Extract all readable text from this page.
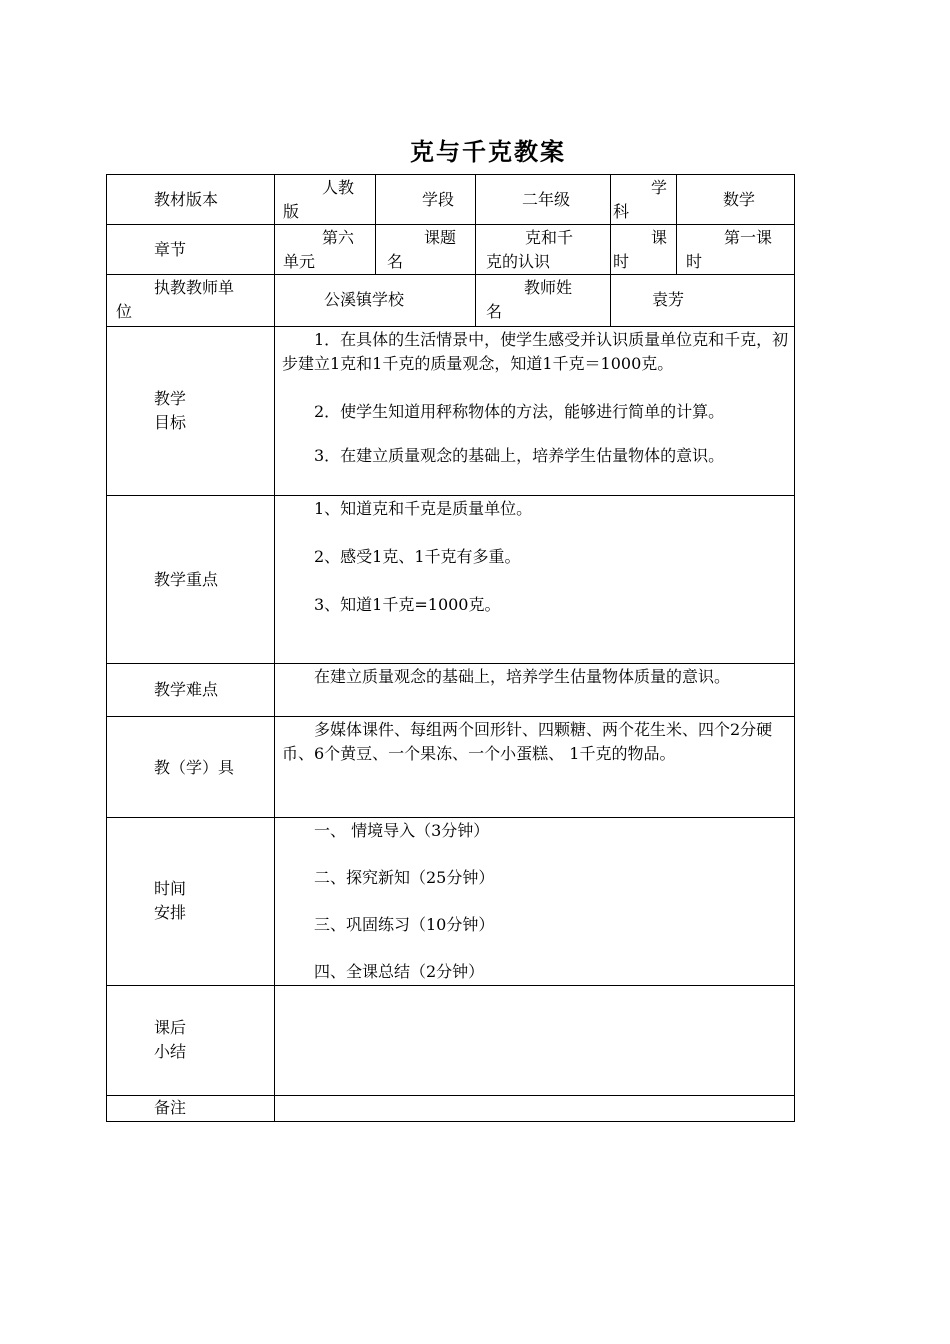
克与千克教案
教材版本
人教
版
学段	二年级
学
科
数学
章节
第六
单元
课题
名
克和千
克的认识
课
时
第一课
时
执教教师单
位
公溪镇学校
教师姓
名
袁芳
教学
目标

1．在具体的生活情景中，使学生感受并认识质量单位克和千克，初步建立1克和1千克的质量观念，知道1千克＝1000克。

2．使学生知道用秤称物体的方法，能够进行简单的计算。

3．在建立质量观念的基础上，培养学生估量物体的意识。

教学重点

1、知道克和千克是质量单位。

2、感受1克、1千克有多重。

3、知道1千克=1000克。

教学难点
在建立质量观念的基础上，培养学生估量物体质量的意识。
教（学）具
多媒体课件、每组两个回形针、四颗糖、两个花生米、四个2分硬币、6个黄豆、一个果冻、一个小蛋糕、 1千克的物品。
时间
安排

一、 情境导入（3分钟）

二、探究新知（25分钟）

三、巩固练习（10分钟）

四、全课总结（2分钟）

课后
小结
备注
